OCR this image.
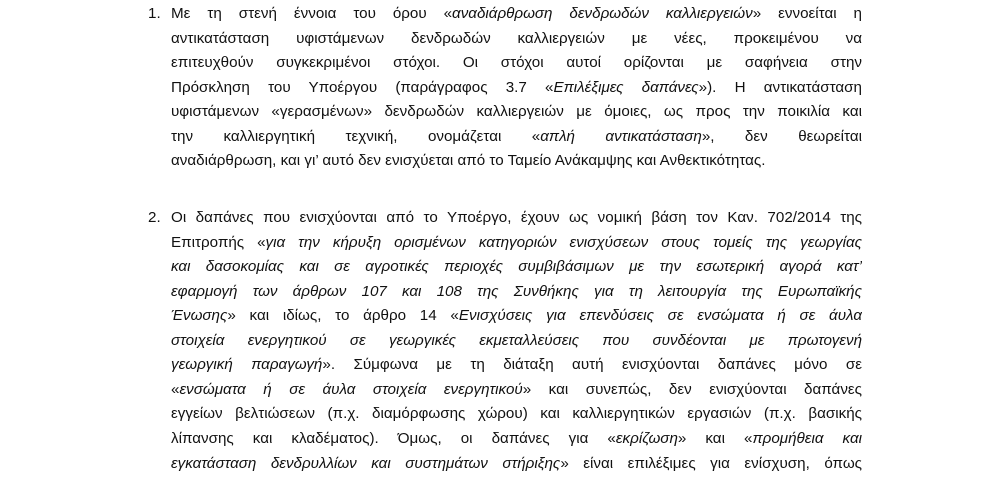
1. Με τη στενή έννοια του όρου «αναδιάρθρωση δενδρωδών καλλιεργειών» εννοείται η
αντικατάσταση υφιστάμενων δενδρωδών καλλιεργειών με νέες, προκειμένου να
επιτευχθούν συγκεκριμένοι στόχοι. Οι στόχοι αυτοί ορίζονται με σαφήνεια στην
Πρόσκληση του Υποέργου (παράγραφος 3.7 «Επιλέξιμες δαπάνες»). Η αντικατάσταση
υφιστάμενων «γερασμένων» δενδρωδών καλλιεργειών με όμοιες, ως προς την ποικιλία και
την καλλιεργητική τεχνική, ονομάζεται «απλή αντικατάσταση», δεν θεωρείται
αναδιάρθρωση, και γι’ αυτό δεν ενισχύεται από το Ταμείο Ανάκαμψης και Ανθεκτικότητας.
2. Οι δαπάνες που ενισχύονται από το Υποέργο, έχουν ως νομική βάση τον Καν. 702/2014 της
Επιτροπής «για την κήρυξη ορισμένων κατηγοριών ενισχύσεων στους τομείς της γεωργίας
και δασοκομίας και σε αγροτικές περιοχές συμβιβάσιμων με την εσωτερική αγορά κατ’
εφαρμογή των άρθρων 107 και 108 της Συνθήκης για τη λειτουργία της Ευρωπαϊκής
Ένωσης» και ιδίως, το άρθρο 14 «Ενισχύσεις για επενδύσεις σε ενσώματα ή σε άυλα
στοιχεία ενεργητικού σε γεωργικές εκμεταλλεύσεις που συνδέονται με πρωτογενή
γεωργική παραγωγή». Σύμφωνα με τη διάταξη αυτή ενισχύονται δαπάνες μόνο σε
«ενσώματα ή σε άυλα στοιχεία ενεργητικού» και συνεπώς, δεν ενισχύονται δαπάνες
εγγείων βελτιώσεων (π.χ. διαμόρφωσης χώρου) και καλλιεργητικών εργασιών (π.χ. βασικής
λίπανσης και κλαδέματος). Όμως, οι δαπάνες για «εκρίζωση» και «προμήθεια και
εγκατάσταση δενδρυλλίων και συστημάτων στήριξης» είναι επιλέξιμες για ενίσχυση, όπως
